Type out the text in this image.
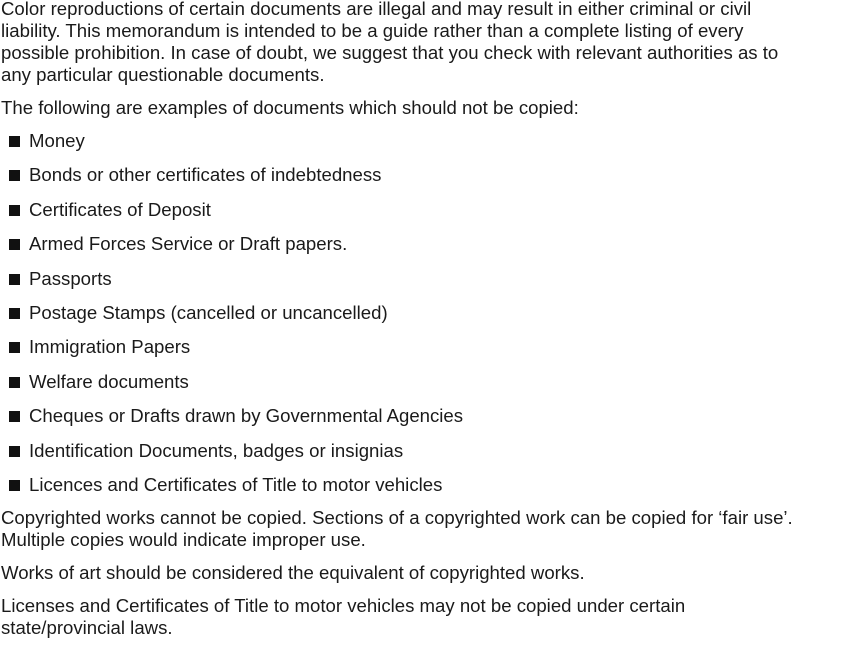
Color reproductions of certain documents are illegal and may result in either criminal or civil

liability. This memorandum is intended to be a guide rather than a complete listing of every

possible prohibition. In case of doubt, we suggest that you check with relevant authorities as to

any particular questionable documents.

The following are examples of documents which should not be copied:

Money
Bonds or other certificates of indebtedness
Certificates of Deposit
Armed Forces Service or Draft papers.
Passports
Postage Stamps (cancelled or uncancelled)
Immigration Papers
Welfare documents
Cheques or Drafts drawn by Governmental Agencies
Identification Documents, badges or insignias
Licences and Certificates of Title to motor vehicles

Copyrighted works cannot be copied. Sections of a copyrighted work can be copied for ‘fair use’.

Multiple copies would indicate improper use.

Works of art should be considered the equivalent of copyrighted works.

Licenses and Certificates of Title to motor vehicles may not be copied under certain

state/provincial laws.
